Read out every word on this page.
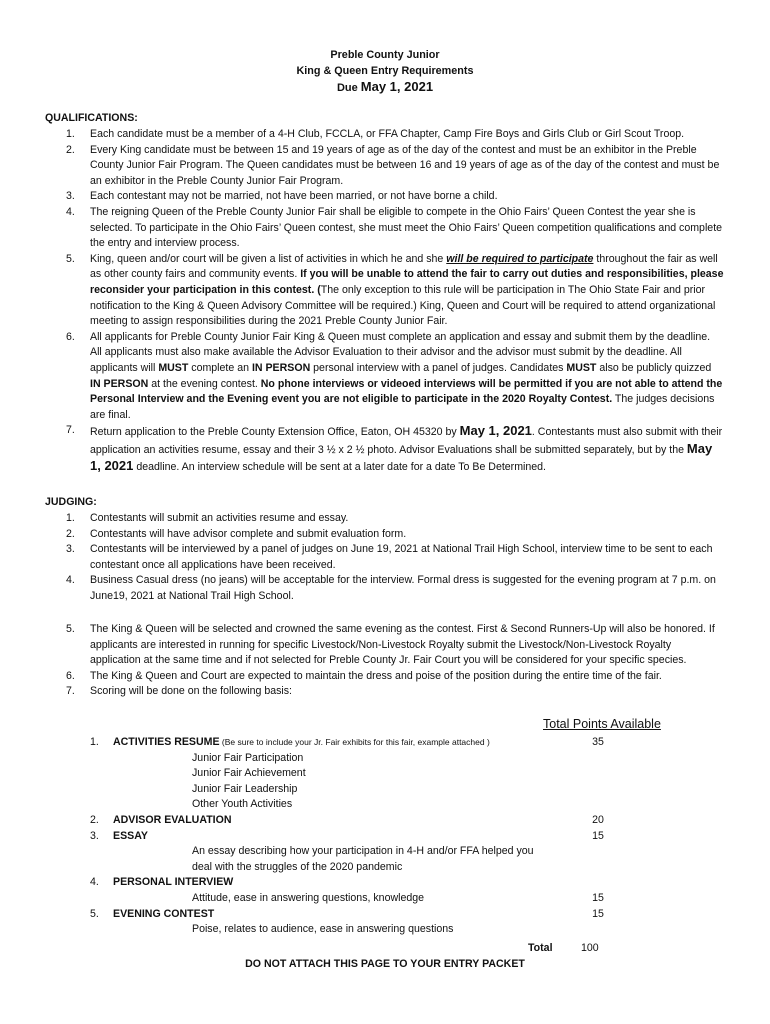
Preble County Junior
King & Queen Entry Requirements
Due May 1, 2021
QUALIFICATIONS:
1. Each candidate must be a member of a 4-H Club, FCCLA, or FFA Chapter, Camp Fire Boys and Girls Club or Girl Scout Troop.
2. Every King candidate must be between 15 and 19 years of age as of the day of the contest and must be an exhibitor in the Preble County Junior Fair Program. The Queen candidates must be between 16 and 19 years of age as of the day of the contest and must be an exhibitor in the Preble County Junior Fair Program.
3. Each contestant may not be married, not have been married, or not have borne a child.
4. The reigning Queen of the Preble County Junior Fair shall be eligible to compete in the Ohio Fairs’ Queen Contest the year she is selected. To participate in the Ohio Fairs’ Queen contest, she must meet the Ohio Fairs’ Queen competition qualifications and complete the entry and interview process.
5. King, queen and/or court will be given a list of activities in which he and she will be required to participate throughout the fair as well as other county fairs and community events. If you will be unable to attend the fair to carry out duties and responsibilities, please reconsider your participation in this contest. (The only exception to this rule will be participation in The Ohio State Fair and prior notification to the King & Queen Advisory Committee will be required.) King, Queen and Court will be required to attend organizational meeting to assign responsibilities during the 2021 Preble County Junior Fair.
6. All applicants for Preble County Junior Fair King & Queen must complete an application and essay and submit them by the deadline. All applicants must also make available the Advisor Evaluation to their advisor and the advisor must submit by the deadline. All applicants will MUST complete an IN PERSON personal interview with a panel of judges. Candidates MUST also be publicly quizzed IN PERSON at the evening contest. No phone interviews or videoed interviews will be permitted if you are not able to attend the Personal Interview and the Evening event you are not eligible to participate in the 2020 Royalty Contest. The judges decisions are final.
7. Return application to the Preble County Extension Office, Eaton, OH 45320 by May 1, 2021. Contestants must also submit with their application an activities resume, essay and their 3 ½ x 2 ½ photo. Advisor Evaluations shall be submitted separately, but by the May 1, 2021 deadline. An interview schedule will be sent at a later date for a date To Be Determined.
JUDGING:
1. Contestants will submit an activities resume and essay.
2. Contestants will have advisor complete and submit evaluation form.
3. Contestants will be interviewed by a panel of judges on June 19, 2021 at National Trail High School, interview time to be sent to each contestant once all applications have been received.
4. Business Casual dress (no jeans) will be acceptable for the interview. Formal dress is suggested for the evening program at 7 p.m. on June19, 2021 at National Trail High School.
5. The King & Queen will be selected and crowned the same evening as the contest. First & Second Runners-Up will also be honored. If applicants are interested in running for specific Livestock/Non-Livestock Royalty submit the Livestock/Non-Livestock Royalty application at the same time and if not selected for Preble County Jr. Fair Court you will be considered for your specific species.
6. The King & Queen and Court are expected to maintain the dress and poise of the position during the entire time of the fair.
7. Scoring will be done on the following basis:
Total Points Available
1. ACTIVITIES RESUME (Be sure to include your Jr. Fair exhibits for this fair, example attached )	35
Junior Fair Participation
Junior Fair Achievement
Junior Fair Leadership
Other Youth Activities
2. ADVISOR EVALUATION	20
3. ESSAY	15
An essay describing how your participation in 4-H and/or FFA helped you
deal with the struggles of the 2020 pandemic
4. PERSONAL INTERVIEW
Attitude, ease in answering questions, knowledge	15
5. EVENING CONTEST	15
Poise, relates to audience, ease in answering questions
Total	100
DO NOT ATTACH THIS PAGE TO YOUR ENTRY PACKET
